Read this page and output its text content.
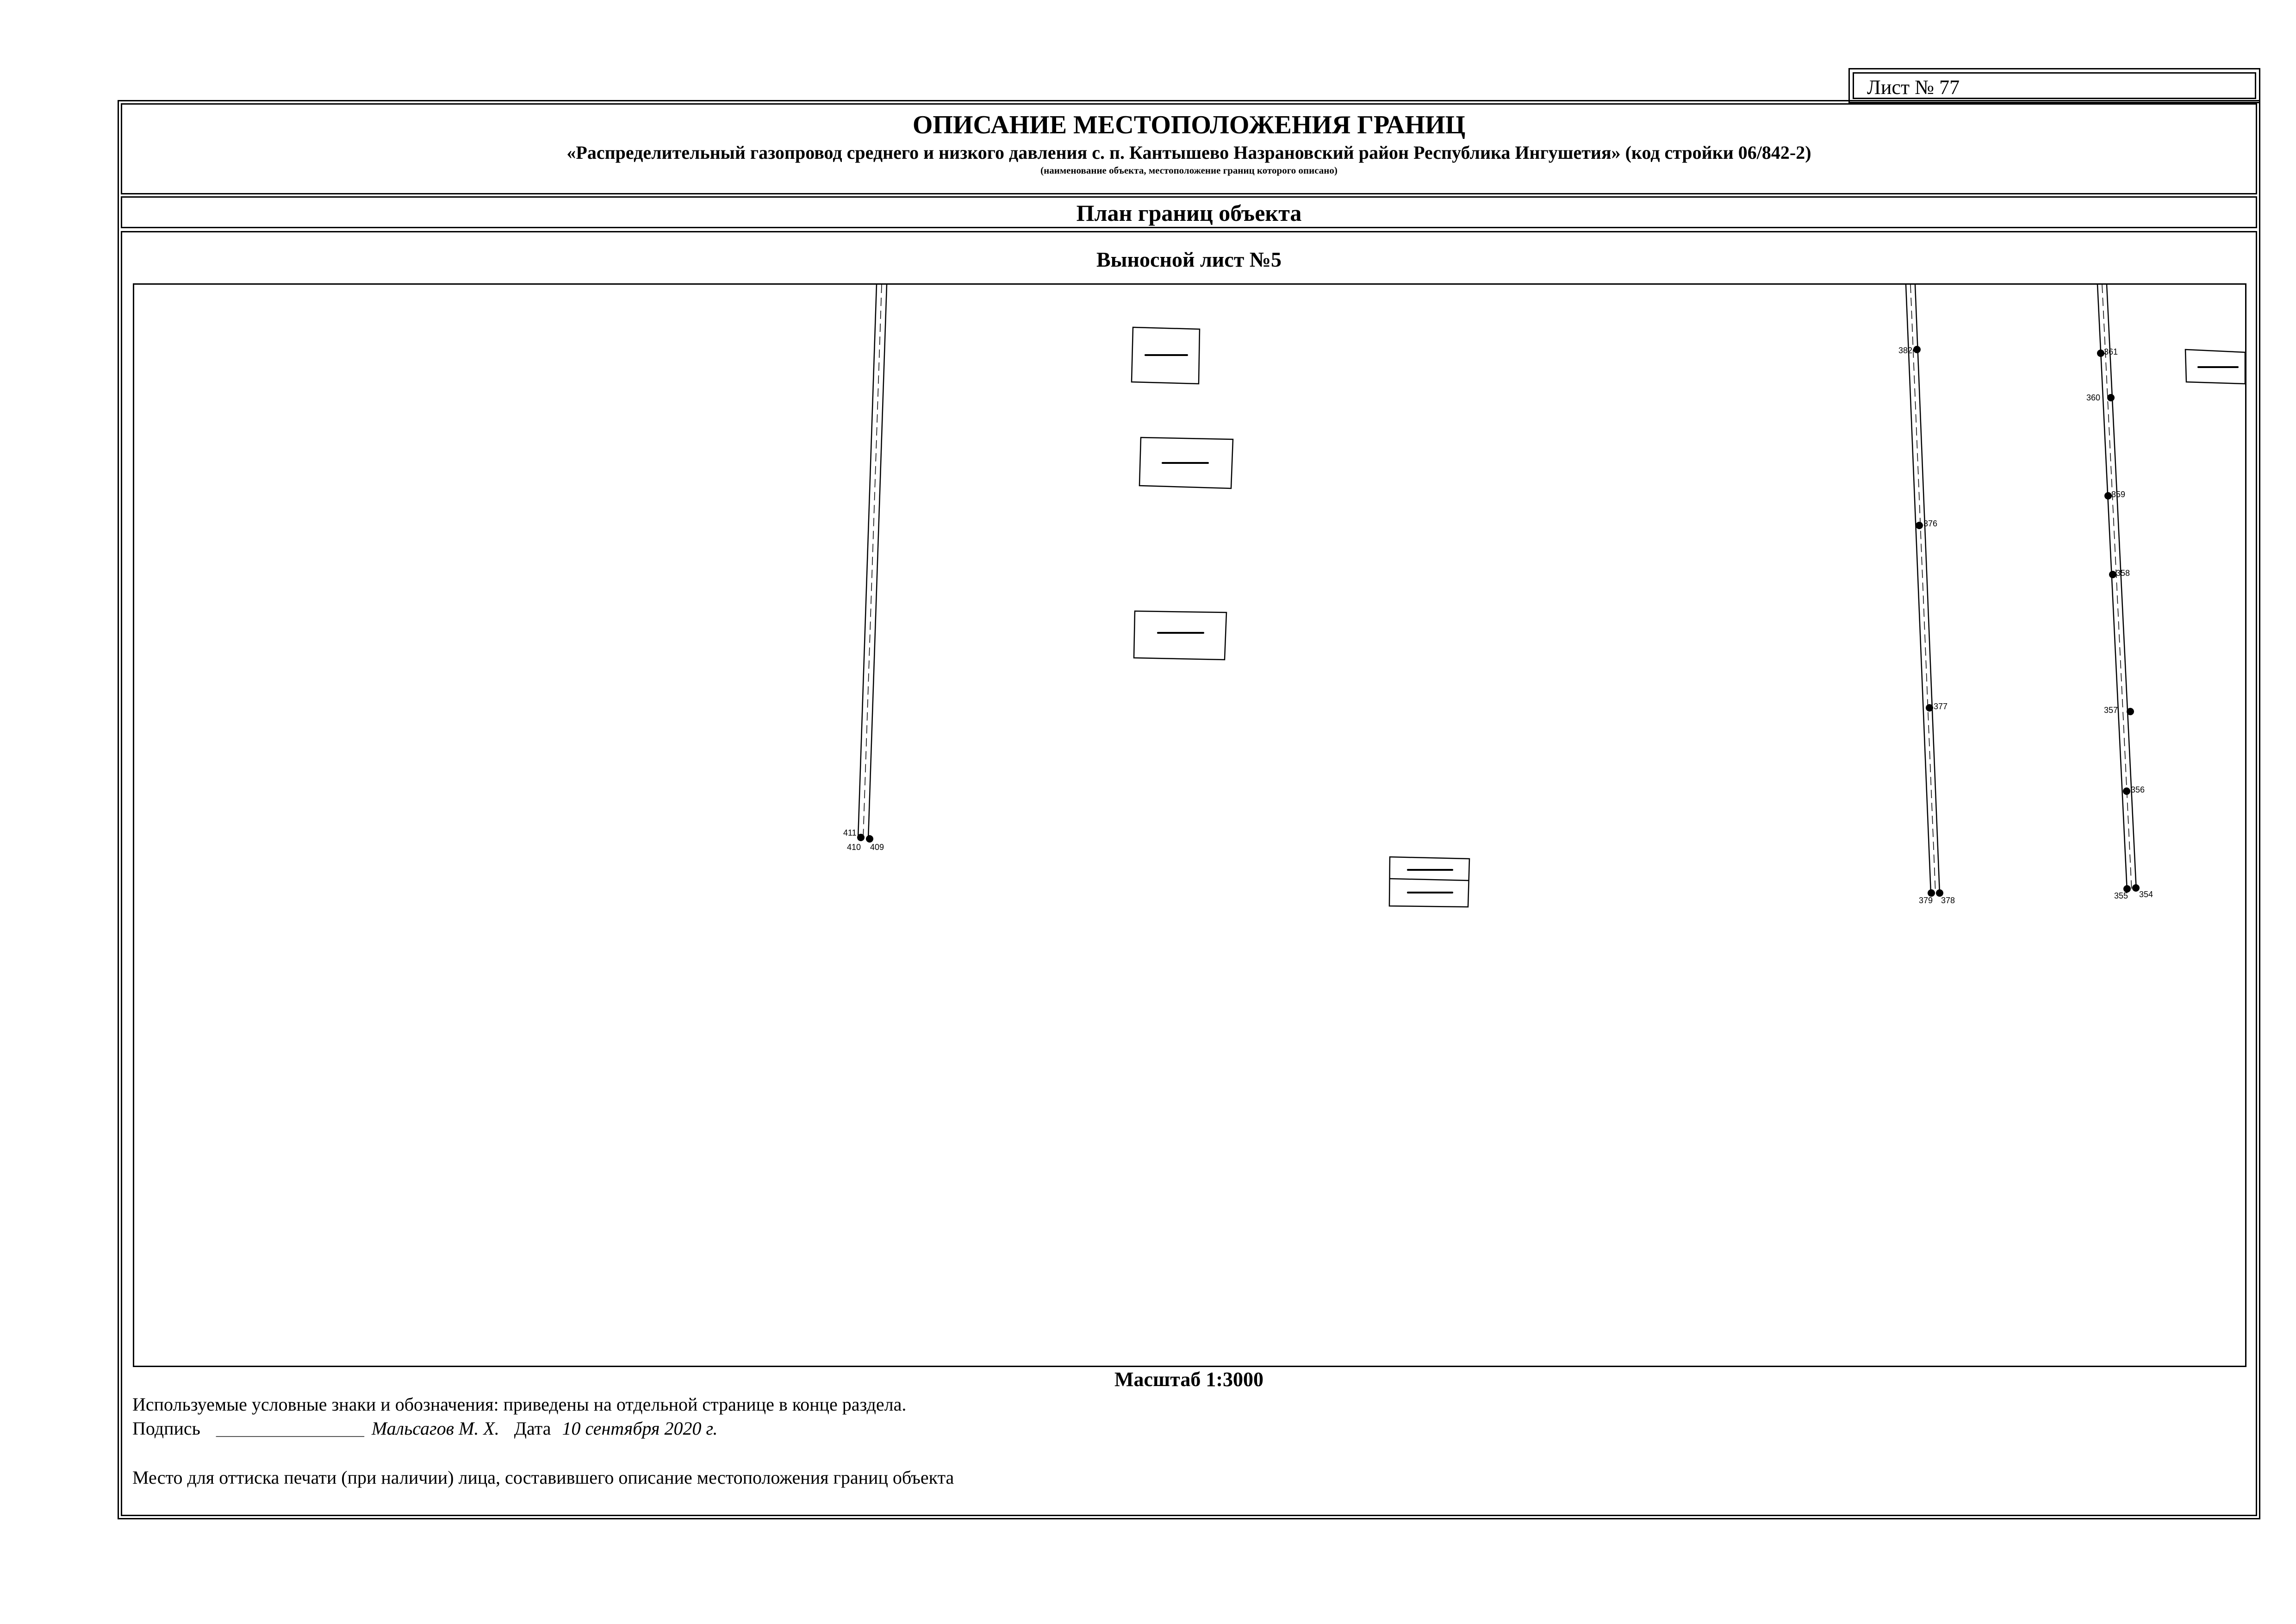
Лист № 77
ОПИСАНИЕ МЕСТОПОЛОЖЕНИЯ ГРАНИЦ
«Распределительный газопровод среднего и низкого давления с. п. Кантышево Назрановский район Республика Ингушетия» (код стройки 06/842-2)
(наименование объекта, местоположение границ которого описано)
План границ объекта
Выносной лист №5
411
410 409
382
376
377
379 378
361
360
359
358
357
356
355 354
Масштаб 1:3000
Используемые условные знаки и обозначения: приведены на отдельной странице в конце раздела.
Подпись ________________ Мальсагов М. Х. Дата 10 сентября 2020 г.
Место для оттиска печати (при наличии) лица, составившего описание местоположения границ объекта
